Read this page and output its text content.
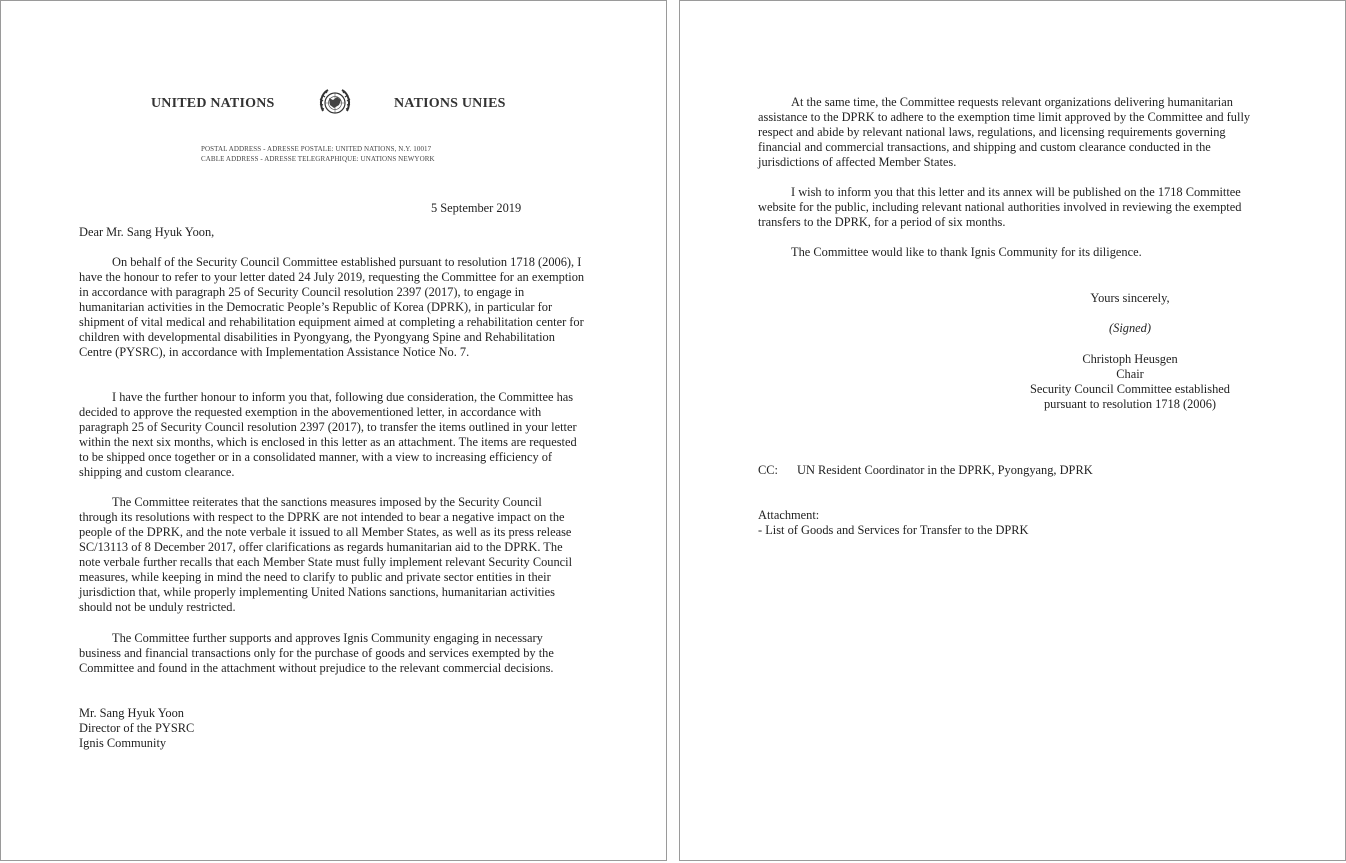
UNITED NATIONS	NATIONS UNIES
POSTAL ADDRESS - ADRESSE POSTALE: UNITED NATIONS, N.Y. 10017
CABLE ADDRESS - ADRESSE TELEGRAPHIQUE: UNATIONS NEWYORK
5 September 2019
Dear Mr. Sang Hyuk Yoon,

On behalf of the Security Council Committee established pursuant to resolution 1718 (2006), I have the honour to refer to your letter dated 24 July 2019, requesting the Committee for an exemption in accordance with paragraph 25 of Security Council resolution 2397 (2017), to engage in humanitarian activities in the Democratic People’s Republic of Korea (DPRK), in particular for shipment of vital medical and rehabilitation equipment aimed at completing a rehabilitation center for children with developmental disabilities in Pyongyang, the Pyongyang Spine and Rehabilitation Centre (PYSRC), in accordance with Implementation Assistance Notice No. 7.

I have the further honour to inform you that, following due consideration, the Committee has decided to approve the requested exemption in the abovementioned letter, in accordance with paragraph 25 of Security Council resolution 2397 (2017), to transfer the items outlined in your letter within the next six months, which is enclosed in this letter as an attachment. The items are requested to be shipped once together or in a consolidated manner, with a view to increasing efficiency of shipping and custom clearance.

The Committee reiterates that the sanctions measures imposed by the Security Council through its resolutions with respect to the DPRK are not intended to bear a negative impact on the people of the DPRK, and the note verbale it issued to all Member States, as well as its press release SC/13113 of 8 December 2017, offer clarifications as regards humanitarian aid to the DPRK. The note verbale further recalls that each Member State must fully implement relevant Security Council measures, while keeping in mind the need to clarify to public and private sector entities in their jurisdiction that, while properly implementing United Nations sanctions, humanitarian activities should not be unduly restricted.

The Committee further supports and approves Ignis Community engaging in necessary business and financial transactions only for the purchase of goods and services exempted by the Committee and found in the attachment without prejudice to the relevant commercial decisions.

Mr. Sang Hyuk Yoon
Director of the PYSRC
Ignis Community

At the same time, the Committee requests relevant organizations delivering humanitarian assistance to the DPRK to adhere to the exemption time limit approved by the Committee and fully respect and abide by relevant national laws, regulations, and licensing requirements governing financial and commercial transactions, and shipping and custom clearance conducted in the jurisdictions of affected Member States.

I wish to inform you that this letter and its annex will be published on the 1718 Committee website for the public, including relevant national authorities involved in reviewing the exempted transfers to the DPRK, for a period of six months.

The Committee would like to thank Ignis Community for its diligence.

Yours sincerely,
(Signed)
Christoph Heusgen
Chair
Security Council Committee established
pursuant to resolution 1718 (2006)
CC: UN Resident Coordinator in the DPRK, Pyongyang, DPRK
Attachment:
- List of Goods and Services for Transfer to the DPRK
